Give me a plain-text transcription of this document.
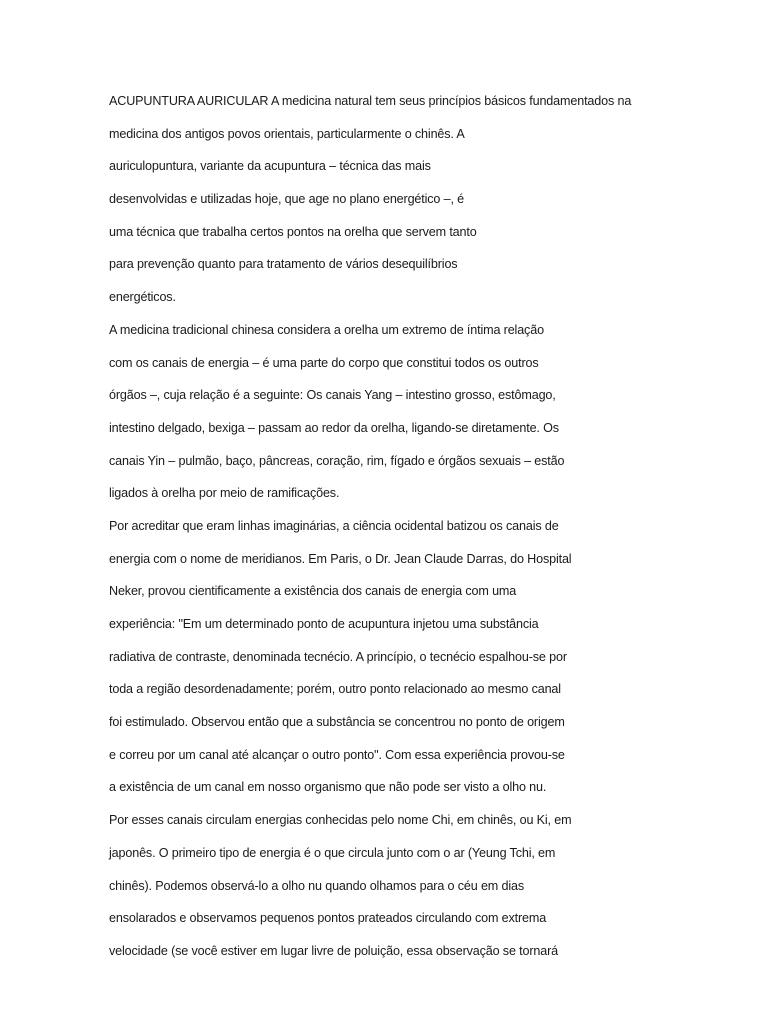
ACUPUNTURA AURICULAR A medicina natural tem seus princípios básicos fundamentados na
medicina dos antigos povos orientais, particularmente o chinês. A
auriculopuntura, variante da acupuntura – técnica das mais
desenvolvidas e utilizadas hoje, que age no plano energético –, é
uma técnica que trabalha certos pontos na orelha que servem tanto
para prevenção quanto para tratamento de vários desequilíbrios
energéticos.
A medicina tradicional chinesa considera a orelha um extremo de íntima relação
com os canais de energia – é uma parte do corpo que constitui todos os outros
órgãos –, cuja relação é a seguinte: Os canais Yang – intestino grosso, estômago,
intestino delgado, bexiga – passam ao redor da orelha, ligando-se diretamente. Os
canais Yin – pulmão, baço, pâncreas, coração, rim, fígado e órgãos sexuais – estão
ligados à orelha por meio de ramificações.
Por acreditar que eram linhas imaginárias, a ciência ocidental batizou os canais de
energia com o nome de meridianos. Em Paris, o Dr. Jean Claude Darras, do Hospital
Neker, provou cientificamente a existência dos canais de energia com uma
experiência: "Em um determinado ponto de acupuntura injetou uma substância
radiativa de contraste, denominada tecnécio. A princípio, o tecnécio espalhou-se por
toda a região desordenadamente; porém, outro ponto relacionado ao mesmo canal
foi estimulado. Observou então que a substância se concentrou no ponto de origem
e correu por um canal até alcançar o outro ponto". Com essa experiência provou-se
a existência de um canal em nosso organismo que não pode ser visto a olho nu.
Por esses canais circulam energias conhecidas pelo nome Chi, em chinês, ou Ki, em
japonês. O primeiro tipo de energia é o que circula junto com o ar (Yeung Tchi, em
chinês). Podemos observá-lo a olho nu quando olhamos para o céu em dias
ensolarados e observamos pequenos pontos prateados circulando com extrema
velocidade (se você estiver em lugar livre de poluição, essa observação se tornará
